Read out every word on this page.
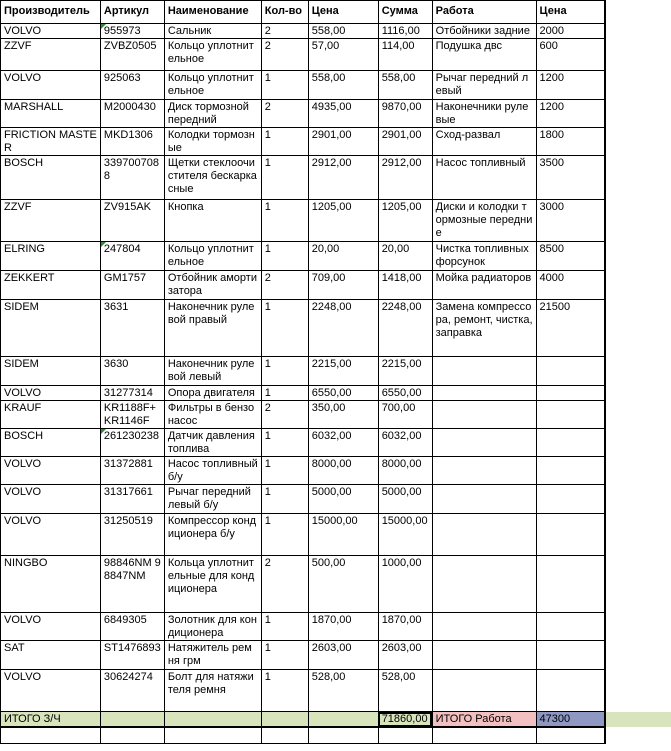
Производитель	Артикул	Наименование	Кол-во	Цена	Сумма	Работа	Цена	
VOLVO	955973	Сальник	2	558,00	1116,00	Отбойники задние	2000	
ZZVF	ZVBZ0505	Кольцо уплотнительное	2	57,00	114,00	Подушка двс	600	
VOLVO	925063	Кольцо уплотнительное	1	558,00	558,00	Рычаг передний левый	1200	
MARSHALL	M2000430	Диск тормозной передний	2	4935,00	9870,00	Наконечники рулевые	1200	
FRICTION MASTER	MKD1306	Колодки тормозные	1	2901,00	2901,00	Сход-развал	1800	
BOSCH	3397007088	Щетки стеклоочистителя бескаркасные	1	2912,00	2912,00	Насос топливный	3500	
ZZVF	ZV915AK	Кнопка	1	1205,00	1205,00	Диски и колодки тормозные передние	3000	
ELRING	247804	Кольцо уплотнительное	1	20,00	20,00	Чистка топливных форсунок	8500	
ZEKKERT	GM1757	Отбойник амортизатора	2	709,00	1418,00	Мойка радиаторов	4000	
SIDEM	3631	Наконечник рулевой правый	1	2248,00	2248,00	Замена компрессора, ремонт, чистка, заправка	21500	
SIDEM	3630	Наконечник рулевой левый	1	2215,00	2215,00			
VOLVO	31277314	Опора двигателя	1	6550,00	6550,00			
KRAUF	KR1188F+KR1146F	Фильтры в бензонасос	2	350,00	700,00			
BOSCH	261230238	Датчик давления топлива	1	6032,00	6032,00			
VOLVO	31372881	Насос топливный б/у	1	8000,00	8000,00			
VOLVO	31317661	Рычаг передний левый б/у	1	5000,00	5000,00			
VOLVO	31250519	Компрессор кондиционера б/у	1	15000,00	15000,00			
NINGBO	98846NM 98847NM	Кольца уплотнительные для кондиционера	2	500,00	1000,00			
VOLVO	6849305	Золотник для кондиционера	1	1870,00	1870,00			
SAT	ST1476893	Натяжитель ремня грм	1	2603,00	2603,00			
VOLVO	30624274	Болт для натяжителя ремня	1	528,00	528,00			
ИТОГО З/Ч					71860,00	ИТОГО Работа	47300	
